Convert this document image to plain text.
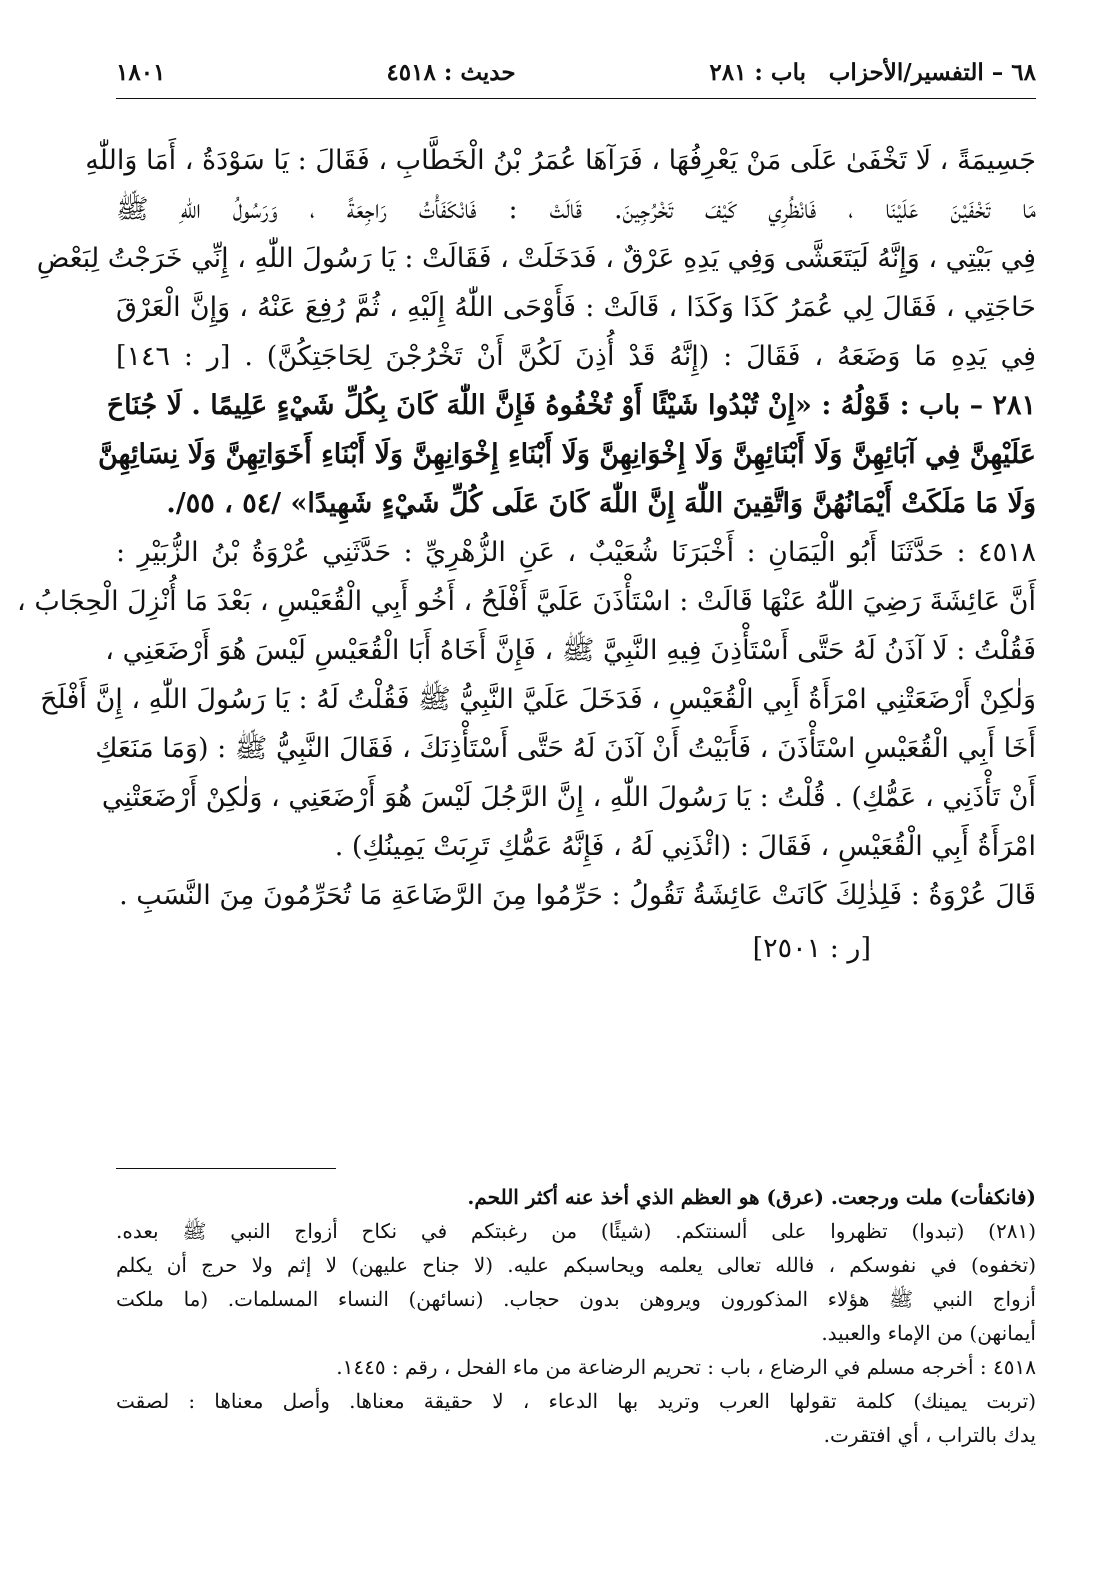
٦٨ – التفسير/الأحزاب
باب : ٢٨١
حديث : ٤٥١٨
١٨٠١
جَسِيمَةً ، لَا تَخْفَىٰ عَلَى مَنْ يَعْرِفُهَا ، فَرَآهَا عُمَرُ بْنُ الْخَطَّابِ ، فَقَالَ : يَا سَوْدَةُ ، أَمَا وَاللّٰهِ
مَا تَخْفَيْنَ عَلَيْنَا ، فَانْظُرِي كَيْفَ تَخْرُجِينَ. قَالَتْ : فَانْكَفَأْتُ رَاجِعَةً ، وَرَسُولُ اللّٰهِ ﷺ
فِي بَيْتِي ، وَإِنَّهُ لَيَتَعَشَّى وَفِي يَدِهِ عَرْقٌ ، فَدَخَلَتْ ، فَقَالَتْ : يَا رَسُولَ اللّٰهِ ، إِنِّي خَرَجْتُ لِبَعْضِ
حَاجَتِي ، فَقَالَ لِي عُمَرُ كَذَا وَكَذَا ، قَالَتْ : فَأَوْحَى اللّٰهُ إِلَيْهِ ، ثُمَّ رُفِعَ عَنْهُ ، وَإِنَّ الْعَرْقَ
فِي يَدِهِ مَا وَضَعَهُ ، فَقَالَ : (إِنَّهُ قَدْ أُذِنَ لَكُنَّ أَنْ تَخْرُجْنَ لِحَاجَتِكُنَّ) . [ر : ١٤٦]
٢٨١ – باب : قَوْلُهُ : «إِنْ تُبْدُوا شَيْئًا أَوْ تُخْفُوهُ فَإِنَّ اللّٰهَ كَانَ بِكُلِّ شَيْءٍ عَلِيمًا . لَا جُنَاحَ
عَلَيْهِنَّ فِي آبَائِهِنَّ وَلَا أَبْنَائِهِنَّ وَلَا إِخْوَانِهِنَّ وَلَا أَبْنَاءِ إِخْوَانِهِنَّ وَلَا أَبْنَاءِ أَخَوَاتِهِنَّ وَلَا نِسَائِهِنَّ
وَلَا مَا مَلَكَتْ أَيْمَانُهُنَّ وَاتَّقِينَ اللّٰهَ إِنَّ اللّٰهَ كَانَ عَلَى كُلِّ شَيْءٍ شَهِيدًا» /٥٤ ، ٥٥/.
٤٥١٨ : حَدَّثَنَا أَبُو الْيَمَانِ : أَخْبَرَنَا شُعَيْبٌ ، عَنِ الزُّهْرِيِّ : حَدَّثَنِي عُرْوَةُ بْنُ الزُّبَيْرِ :
أَنَّ عَائِشَةَ رَضِيَ اللّٰهُ عَنْهَا قَالَتْ : اسْتَأْذَنَ عَلَيَّ أَفْلَحُ ، أَخُو أَبِي الْقُعَيْسِ ، بَعْدَ مَا أُنْزِلَ الْحِجَابُ ،
فَقُلْتُ : لَا آذَنُ لَهُ حَتَّى أَسْتَأْذِنَ فِيهِ النَّبِيَّ ﷺ ، فَإِنَّ أَخَاهُ أَبَا الْقُعَيْسِ لَيْسَ هُوَ أَرْضَعَنِي ،
وَلٰكِنْ أَرْضَعَتْنِي امْرَأَةُ أَبِي الْقُعَيْسِ ، فَدَخَلَ عَلَيَّ النَّبِيُّ ﷺ فَقُلْتُ لَهُ : يَا رَسُولَ اللّٰهِ ، إِنَّ أَفْلَحَ
أَخَا أَبِي الْقُعَيْسِ اسْتَأْذَنَ ، فَأَبَيْتُ أَنْ آذَنَ لَهُ حَتَّى أَسْتَأْذِنَكَ ، فَقَالَ النَّبِيُّ ﷺ : (وَمَا مَنَعَكِ
أَنْ تَأْذَنِي ، عَمُّكِ) . قُلْتُ : يَا رَسُولَ اللّٰهِ ، إِنَّ الرَّجُلَ لَيْسَ هُوَ أَرْضَعَنِي ، وَلٰكِنْ أَرْضَعَتْنِي
امْرَأَةُ أَبِي الْقُعَيْسِ ، فَقَالَ : (ائْذَنِي لَهُ ، فَإِنَّهُ عَمُّكِ تَرِبَتْ يَمِينُكِ) .
قَالَ عُرْوَةُ : فَلِذٰلِكَ كَانَتْ عَائِشَةُ تَقُولُ : حَرِّمُوا مِنَ الرَّضَاعَةِ مَا تُحَرِّمُونَ مِنَ النَّسَبِ .
[ر : ٢٥٠١]
(فانكفأت) ملت ورجعت. (عرق) هو العظم الذي أخذ عنه أكثر اللحم.
(٢٨١) (تبدوا) تظهروا على ألسنتكم. (شيئًا) من رغبتكم في نكاح أزواج النبي ﷺ بعده.
(تخفوه) في نفوسكم ، فالله تعالى يعلمه ويحاسبكم عليه. (لا جناح عليهن) لا إثم ولا حرج أن يكلم
أزواج النبي ﷺ هؤلاء المذكورون ويروهن بدون حجاب. (نسائهن) النساء المسلمات. (ما ملكت
أيمانهن) من الإماء والعبيد.
٤٥١٨ : أخرجه مسلم في الرضاع ، باب : تحريم الرضاعة من ماء الفحل ، رقم : ١٤٤٥.
(تربت يمينك) كلمة تقولها العرب وتريد بها الدعاء ، لا حقيقة معناها. وأصل معناها : لصقت
يدك بالتراب ، أي افتقرت.
